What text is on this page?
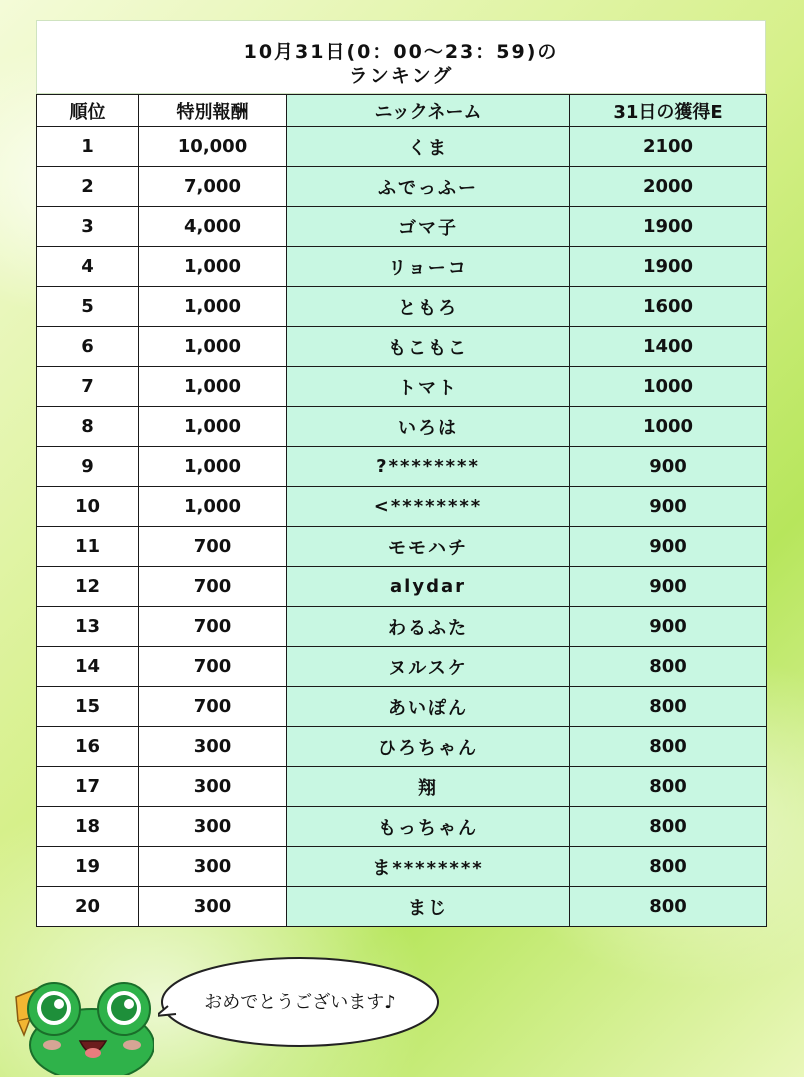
10月31日(0：00〜23：59)の
ランキング
順位	特別報酬	ニックネーム	31日の獲得E
1	10,000	くま	2100
2	7,000	ふでっふー	2000
3	4,000	ゴマ子	1900
4	1,000	リョーコ	1900
5	1,000	ともろ	1600
6	1,000	もこもこ	1400
7	1,000	トマト	1000
8	1,000	いろは	1000
9	1,000	?********	900
10	1,000	<********	900
11	700	モモハチ	900
12	700	alydar	900
13	700	わるふた	900
14	700	ヌルスケ	800
15	700	あいぽん	800
16	300	ひろちゃん	800
17	300	翔	800
18	300	もっちゃん	800
19	300	ま********	800
20	300	まじ	800
おめでとうございます♪
